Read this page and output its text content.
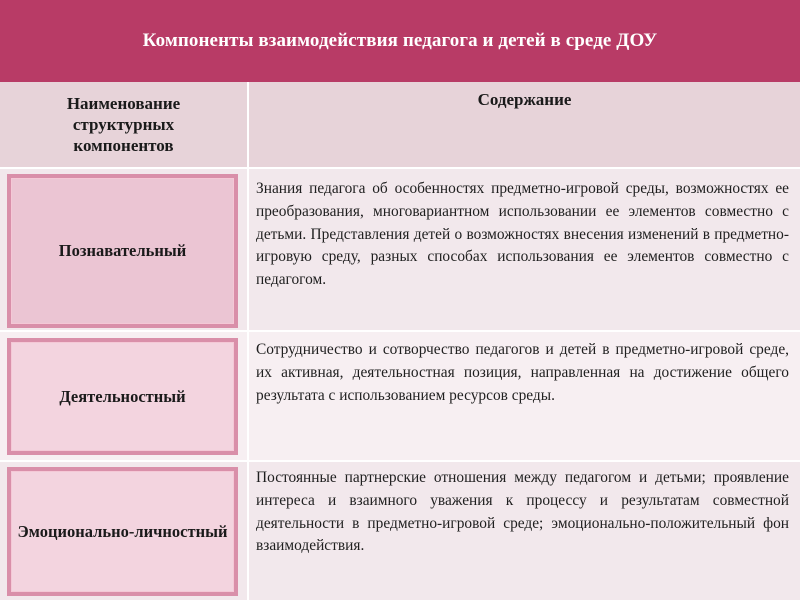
Компоненты взаимодействия педагога и детей в среде ДОУ
Наименование структурных компонентов
Содержание
Познавательный
Знания педагога об особенностях предметно-игровой среды, возможностях ее преобразования, многовариантном использовании ее элементов совместно с детьми. Представления детей о возможностях внесения изменений в предметно-игровую среду, разных способах использования ее элементов совместно с педагогом.
Деятельностный
Сотрудничество и сотворчество педагогов и детей в предметно-игровой среде, их активная, деятельностная позиция, направленная на достижение общего результата с использованием ресурсов среды.
Эмоционально-личностный
Постоянные партнерские отношения между педагогом и детьми; проявление интереса и взаимного уважения к процессу и результатам совместной деятельности в предметно-игровой среде; эмоционально-положительный фон взаимодействия.
